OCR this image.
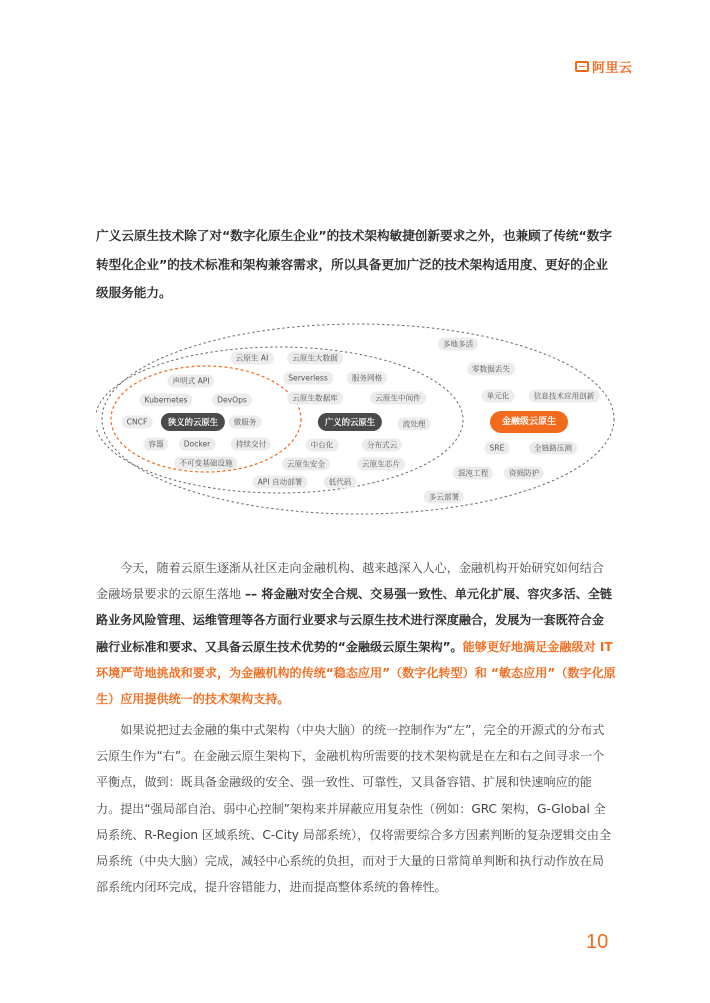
阿里云

广义云原生技术除了对“数字化原生企业”的技术架构敏捷创新要求之外，也兼顾了传统“数字转型化企业”的技术标准和架构兼容需求，所以具备更加广泛的技术架构适用度、更好的企业级服务能力。

声明式 API
Kubernetes	DevOps
CNCF	狭义的云原生	微服务
容器	Docker	持续交付
不可变基础设施
云原生 AI	云原生大数据
Serverless	服务网格
云原生数据库	云原生中间件
广义的云原生	流处理
中台化	分布式云
云原生安全	云原生芯片
API 自动部署	低代码
多地多活
零数据丢失
单元化	信息技术应用创新
金融级云原生
SRE	全链路压测
混沌工程	资损防护
多云部署

今天，随着云原生逐渐从社区走向金融机构、越来越深入人心，金融机构开始研究如何结合金融场景要求的云原生落地 –– 将金融对安全合规、交易强一致性、单元化扩展、容灾多活、全链路业务风险管理、运维管理等各方面行业要求与云原生技术进行深度融合，发展为一套既符合金融行业标准和要求、又具备云原生技术优势的“金融级云原生架构”。能够更好地满足金融级对 IT 环境严苛地挑战和要求，为金融机构的传统“稳态应用”（数字化转型）和 “敏态应用”（数字化原生）应用提供统一的技术架构支持。

如果说把过去金融的集中式架构（中央大脑）的统一控制作为“左”，完全的开源式的分布式云原生作为“右”。在金融云原生架构下，金融机构所需要的技术架构就是在左和右之间寻求一个平衡点，做到：既具备金融级的安全、强一致性、可靠性，又具备容错、扩展和快速响应的能力。提出“强局部自治、弱中心控制”架构来并屏蔽应用复杂性（例如：GRC 架构，G-Global 全局系统、R-Region 区域系统、C-City 局部系统），仅将需要综合多方因素判断的复杂逻辑交由全局系统（中央大脑）完成，减轻中心系统的负担，而对于大量的日常简单判断和执行动作放在局部系统内闭环完成，提升容错能力，进而提高整体系统的鲁棒性。

10
